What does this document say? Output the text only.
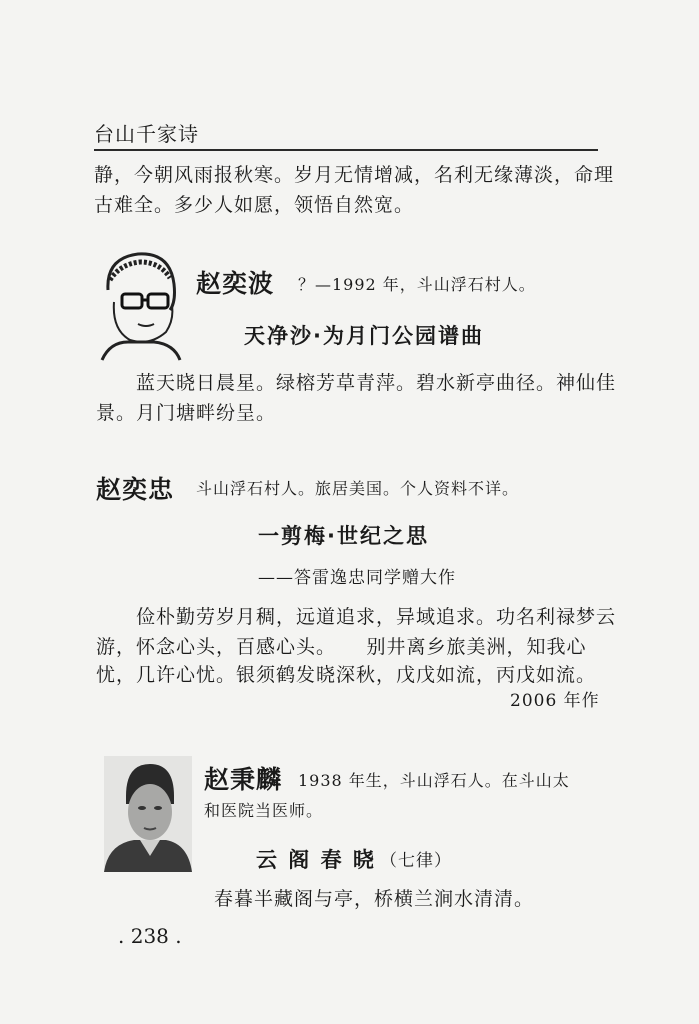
台山千家诗
静，今朝风雨报秋寒。岁月无情增减，名利无缘薄淡，命理
古难全。多少人如愿，领悟自然宽。
赵奕波 ？—1992 年，斗山浮石村人。
天净沙·为月门公园谱曲
蓝天晓日晨星。绿榕芳草青萍。碧水新亭曲径。神仙佳
景。月门塘畔纷呈。
赵奕忠 斗山浮石村人。旅居美国。个人资料不详。
一剪梅·世纪之思
——答雷逸忠同学赠大作
俭朴勤劳岁月稠，远道追求，异域追求。功名利禄梦云
游，怀念心头，百感心头。　　别井离乡旅美洲，知我心
忧，几许心忧。银须鹤发晓深秋，戊戊如流，丙戊如流。
2006 年作
赵秉麟 1938 年生，斗山浮石人。在斗山太
和医院当医师。
云 阁 春 晓 （七律）
春暮半藏阁与亭，桥横兰涧水清清。
. 238 .
